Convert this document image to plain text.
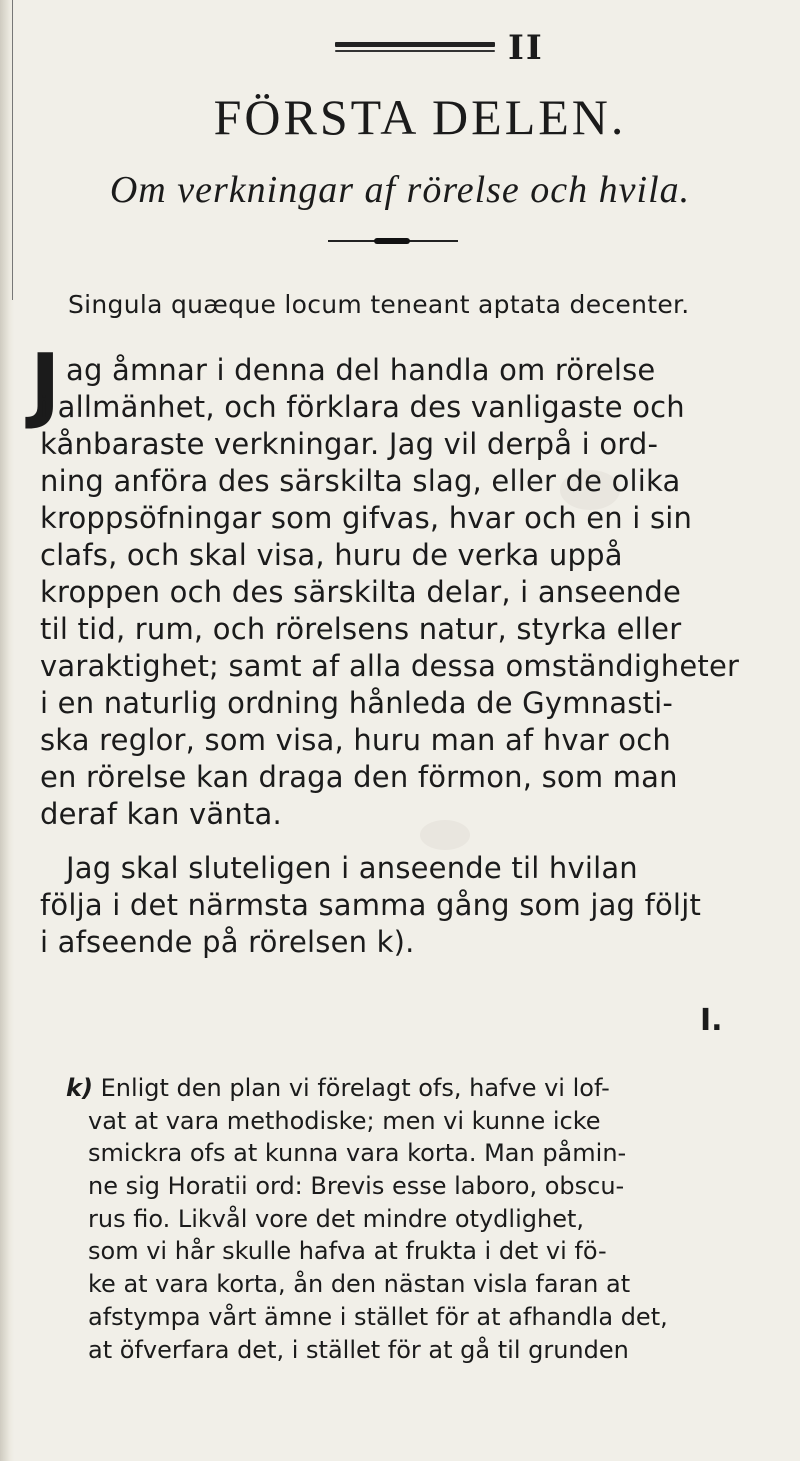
II
FÖRSTA DELEN.
Om verkningar af rörelse och hvila.
Singula quæque locum teneant aptata decenter.
J ag åmnar i denna del handla om rörelse
i allmänhet, och förklara des vanligaste och
kånbaraste verkningar. Jag vil derpå i ord-
ning anföra des särskilta slag, eller de olika
kroppsöfningar som gifvas, hvar och en i sin
clafs, och skal visa, huru de verka uppå
kroppen och des särskilta delar, i anseende
til tid, rum, och rörelsens natur, styrka eller
varaktighet; samt af alla dessa omständigheter
i en naturlig ordning hånleda de Gymnasti-
ska reglor, som visa, huru man af hvar och
en rörelse kan draga den förmon, som man
deraf kan vänta.
Jag skal sluteligen i anseende til hvilan
följa i det närmsta samma gång som jag följt
i afseende på rörelsen k).
I.
k) Enligt den plan vi förelagt ofs, hafve vi lof-
vat at vara methodiske; men vi kunne icke
smickra ofs at kunna vara korta. Man påmin-
ne sig Horatii ord: Brevis esse laboro, obscu-
rus fio. Likvål vore det mindre otydlighet,
som vi hår skulle hafva at frukta i det vi fö-
ke at vara korta, ån den nästan visla faran at
afstympa vårt ämne i stället för at afhandla det,
at öfverfara det, i stället för at gå til grunden
